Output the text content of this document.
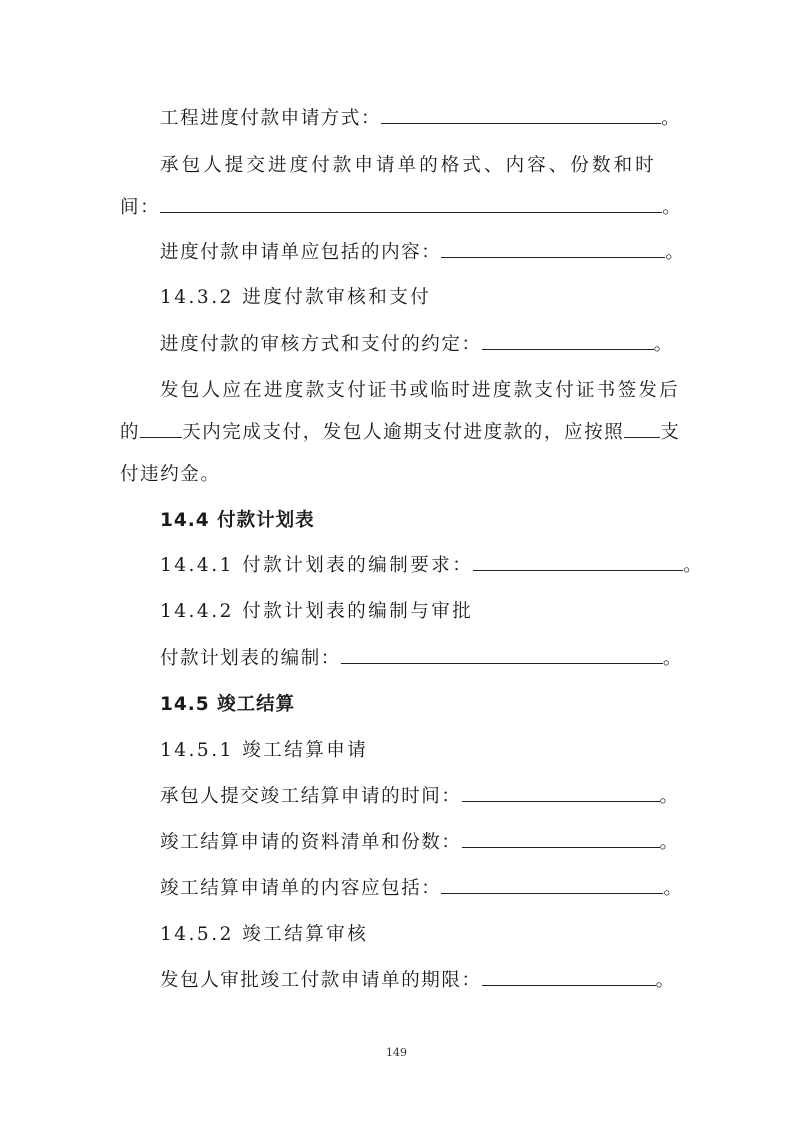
工程进度付款申请方式：	。
承包人提交进度付款申请单的格式、内容、份数和时
间：	。
进度付款申请单应包括的内容：	。
14.3.2 进度付款审核和支付
进度付款的审核方式和支付的约定：	。
发包人应在进度款支付证书或临时进度款支付证书签发后
的 天内完成支付，发包人逾期支付进度款的，应按照 支
付违约金。
14.4 付款计划表
14.4.1 付款计划表的编制要求：	。
14.4.2 付款计划表的编制与审批
付款计划表的编制：	。
14.5 竣工结算
14.5.1 竣工结算申请
承包人提交竣工结算申请的时间：	。
竣工结算申请的资料清单和份数：	。
竣工结算申请单的内容应包括：	。
14.5.2 竣工结算审核
发包人审批竣工付款申请单的期限：	。
149
